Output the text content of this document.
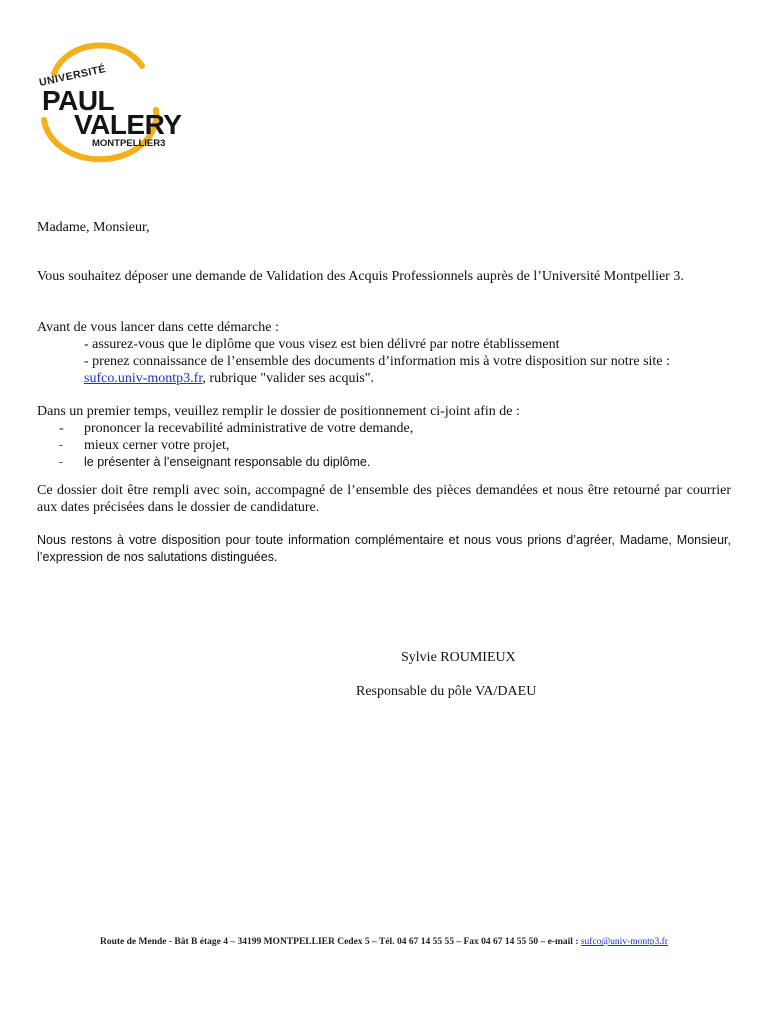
UNIVERSITÉ
PAUL
VALERY
MONTPELLIER3
Madame, Monsieur,
Vous souhaitez déposer une demande de Validation des Acquis Professionnels auprès de l’Université Montpellier 3.
Avant de vous lancer dans cette démarche :
- assurez-vous que le diplôme que vous visez est bien délivré par notre établissement
- prenez connaissance de l’ensemble des documents d’information mis à votre disposition sur notre site :
sufco.univ-montp3.fr, rubrique "valider ses acquis".
Dans un premier temps, veuillez remplir le dossier de positionnement ci-joint afin de :
- prononcer la recevabilité administrative de votre demande,
- mieux cerner votre projet,
- le présenter à l’enseignant responsable du diplôme.
Ce dossier doit être rempli avec soin, accompagné de l’ensemble des pièces demandées et nous être retourné par courrier aux dates précisées dans le dossier de candidature.
Nous restons à votre disposition pour toute information complémentaire et nous vous prions d’agréer, Madame, Monsieur, l’expression de nos salutations distinguées.
Sylvie ROUMIEUX
Responsable du pôle VA/DAEU
Route de Mende - Bât B étage 4 – 34199 MONTPELLIER Cedex 5 – Tél. 04 67 14 55 55 – Fax 04 67 14 55 50 – e-mail : sufco@univ-montp3.fr
